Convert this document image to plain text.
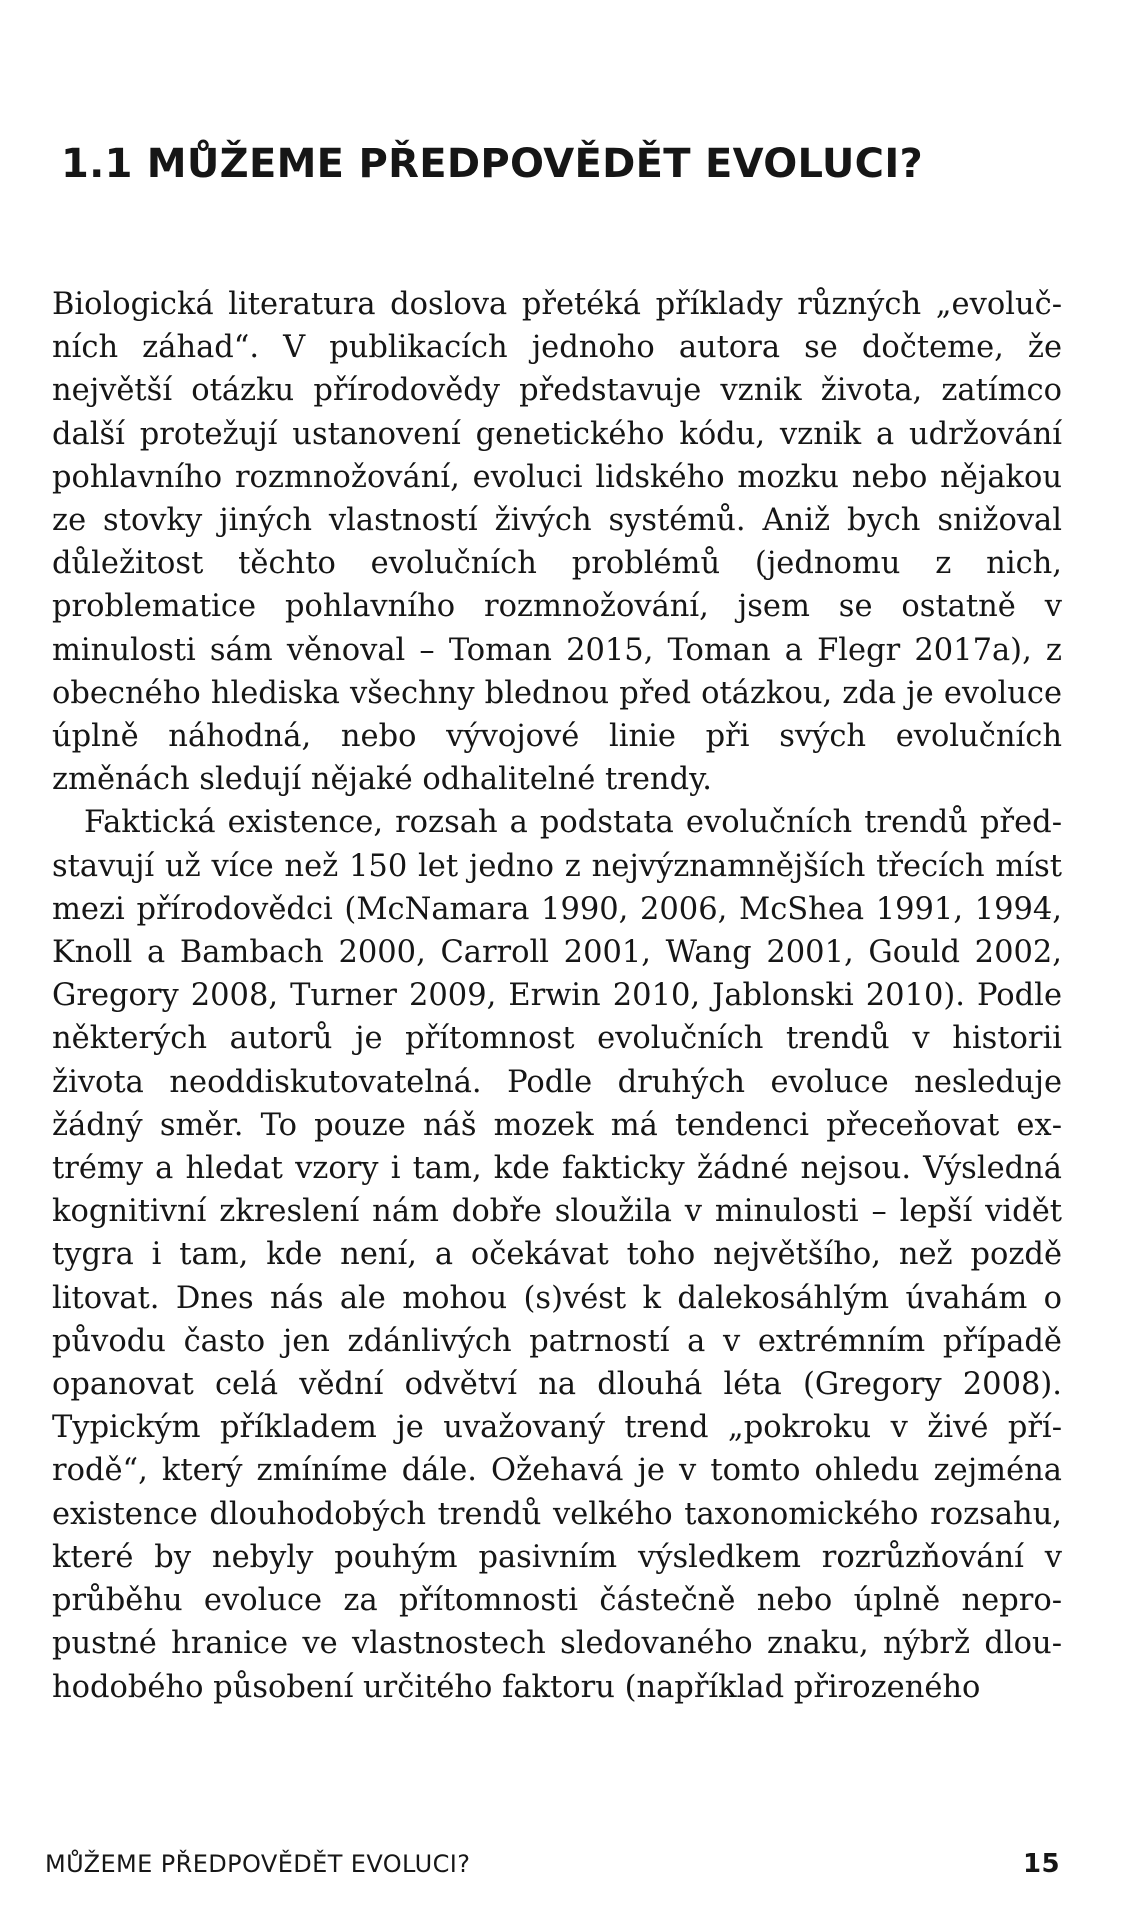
1.1 MŮŽEME PŘEDPOVĚDĚT EVOLUCI?

Biologická literatura doslova přetéká příklady různých „evolučních záhad“. V publikacích jednoho autora se dočteme, že největší otázku přírodovědy představuje vznik života, zatímco další protežují ustanovení genetického kódu, vznik a udržování pohlavního rozmnožování, evoluci lidského mozku nebo nějakou ze stovky jiných vlastností živých systémů. Aniž bych snižoval důležitost těchto evolučních problémů (jednomu z nich, problematice pohlavního rozmnožování, jsem se ostatně v minulosti sám věnoval – Toman 2015, Toman a Flegr 2017a), z obecného hlediska všechny blednou před otázkou, zda je evoluce úplně náhodná, nebo vývojové linie při svých evolučních změnách sledují nějaké odhalitelné trendy.

Faktická existence, rozsah a podstata evolučních trendů představují už více než 150 let jedno z nejvýznamnějších třecích míst mezi přírodovědci (McNamara 1990, 2006, McShea 1991, 1994, Knoll a Bambach 2000, Carroll 2001, Wang 2001, Gould 2002, Gregory 2008, Turner 2009, Erwin 2010, Jablonski 2010). Podle některých autorů je přítomnost evolučních trendů v historii života neoddiskutovatelná. Podle druhých evoluce nesleduje žádný směr. To pouze náš mozek má tendenci přeceňovat extrémy a hledat vzory i tam, kde fakticky žádné nejsou. Výsledná kognitivní zkreslení nám dobře sloužila v minulosti – lepší vidět tygra i tam, kde není, a očekávat toho největšího, než pozdě litovat. Dnes nás ale mohou (s)vést k dalekosáhlým úvahám o původu často jen zdánlivých patrností a v extrémním případě opanovat celá vědní odvětví na dlouhá léta (Gregory 2008). Typickým příkladem je uvažovaný trend „pokroku v živé přírodě“, který zmíníme dále. Ožehavá je v tomto ohledu zejména existence dlouhodobých trendů velkého taxonomického rozsahu, které by nebyly pouhým pasivním výsledkem rozrůzňování v průběhu evoluce za přítomnosti částečně nebo úplně nepropustné hranice ve vlastnostech sledovaného znaku, nýbrž dlouhodobého působení určitého faktoru (například přirozeného

MŮŽEME PŘEDPOVĚDĚT EVOLUCI?	15
